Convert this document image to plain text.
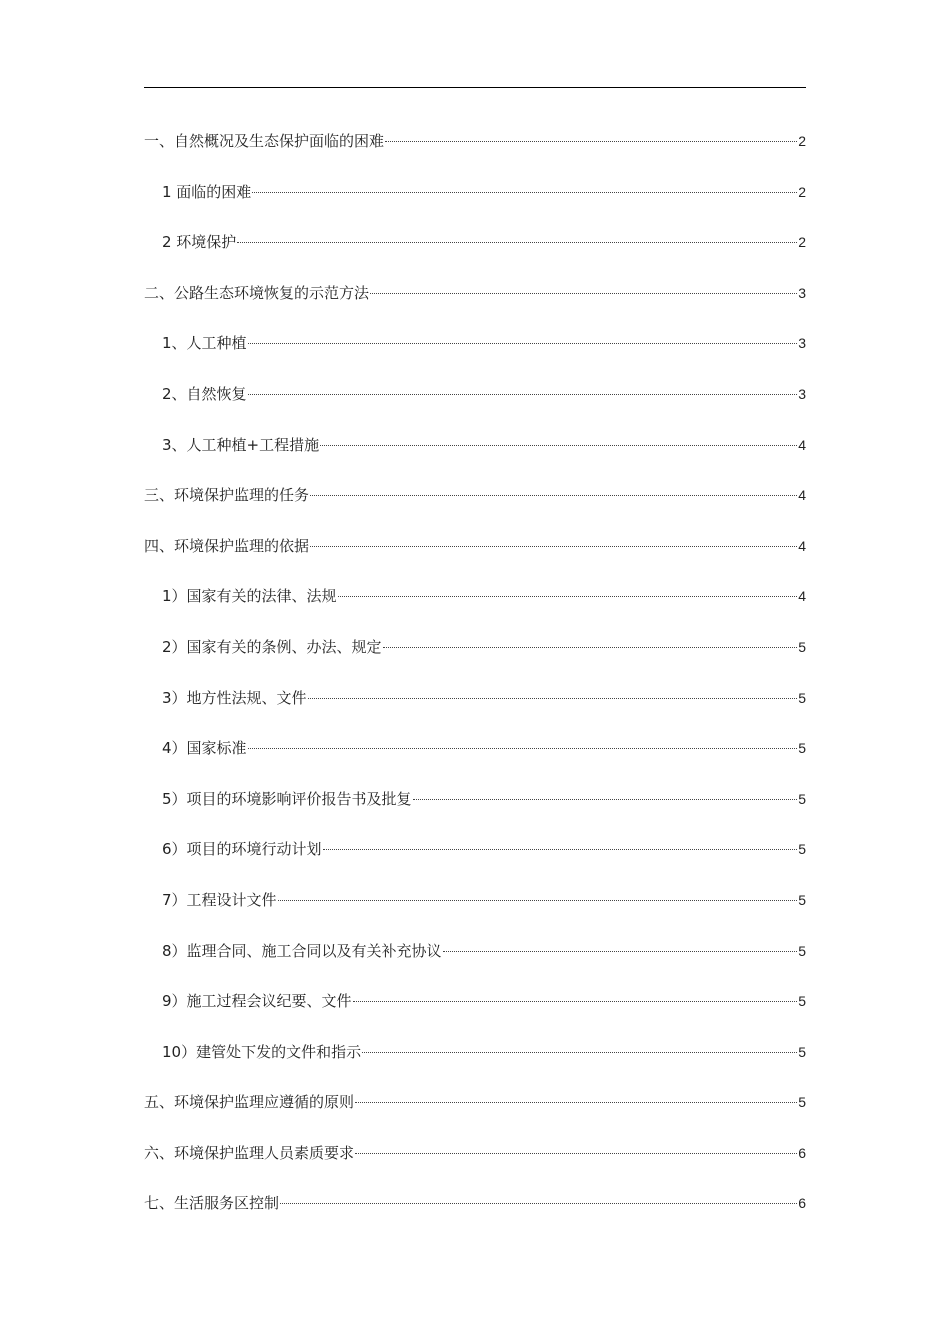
一、自然概况及生态保护面临的困难	2
1 面临的困难	2
2 环境保护	2
二、公路生态环境恢复的示范方法	3
1、人工种植	3
2、自然恢复	3
3、人工种植+工程措施	4
三、环境保护监理的任务	4
四、环境保护监理的依据	4
1）国家有关的法律、法规	4
2）国家有关的条例、办法、规定	5
3）地方性法规、文件	5
4）国家标准	5
5）项目的环境影响评价报告书及批复	5
6）项目的环境行动计划	5
7）工程设计文件	5
8）监理合同、施工合同以及有关补充协议	5
9）施工过程会议纪要、文件	5
10）建管处下发的文件和指示	5
五、环境保护监理应遵循的原则	5
六、环境保护监理人员素质要求	6
七、生活服务区控制	6
